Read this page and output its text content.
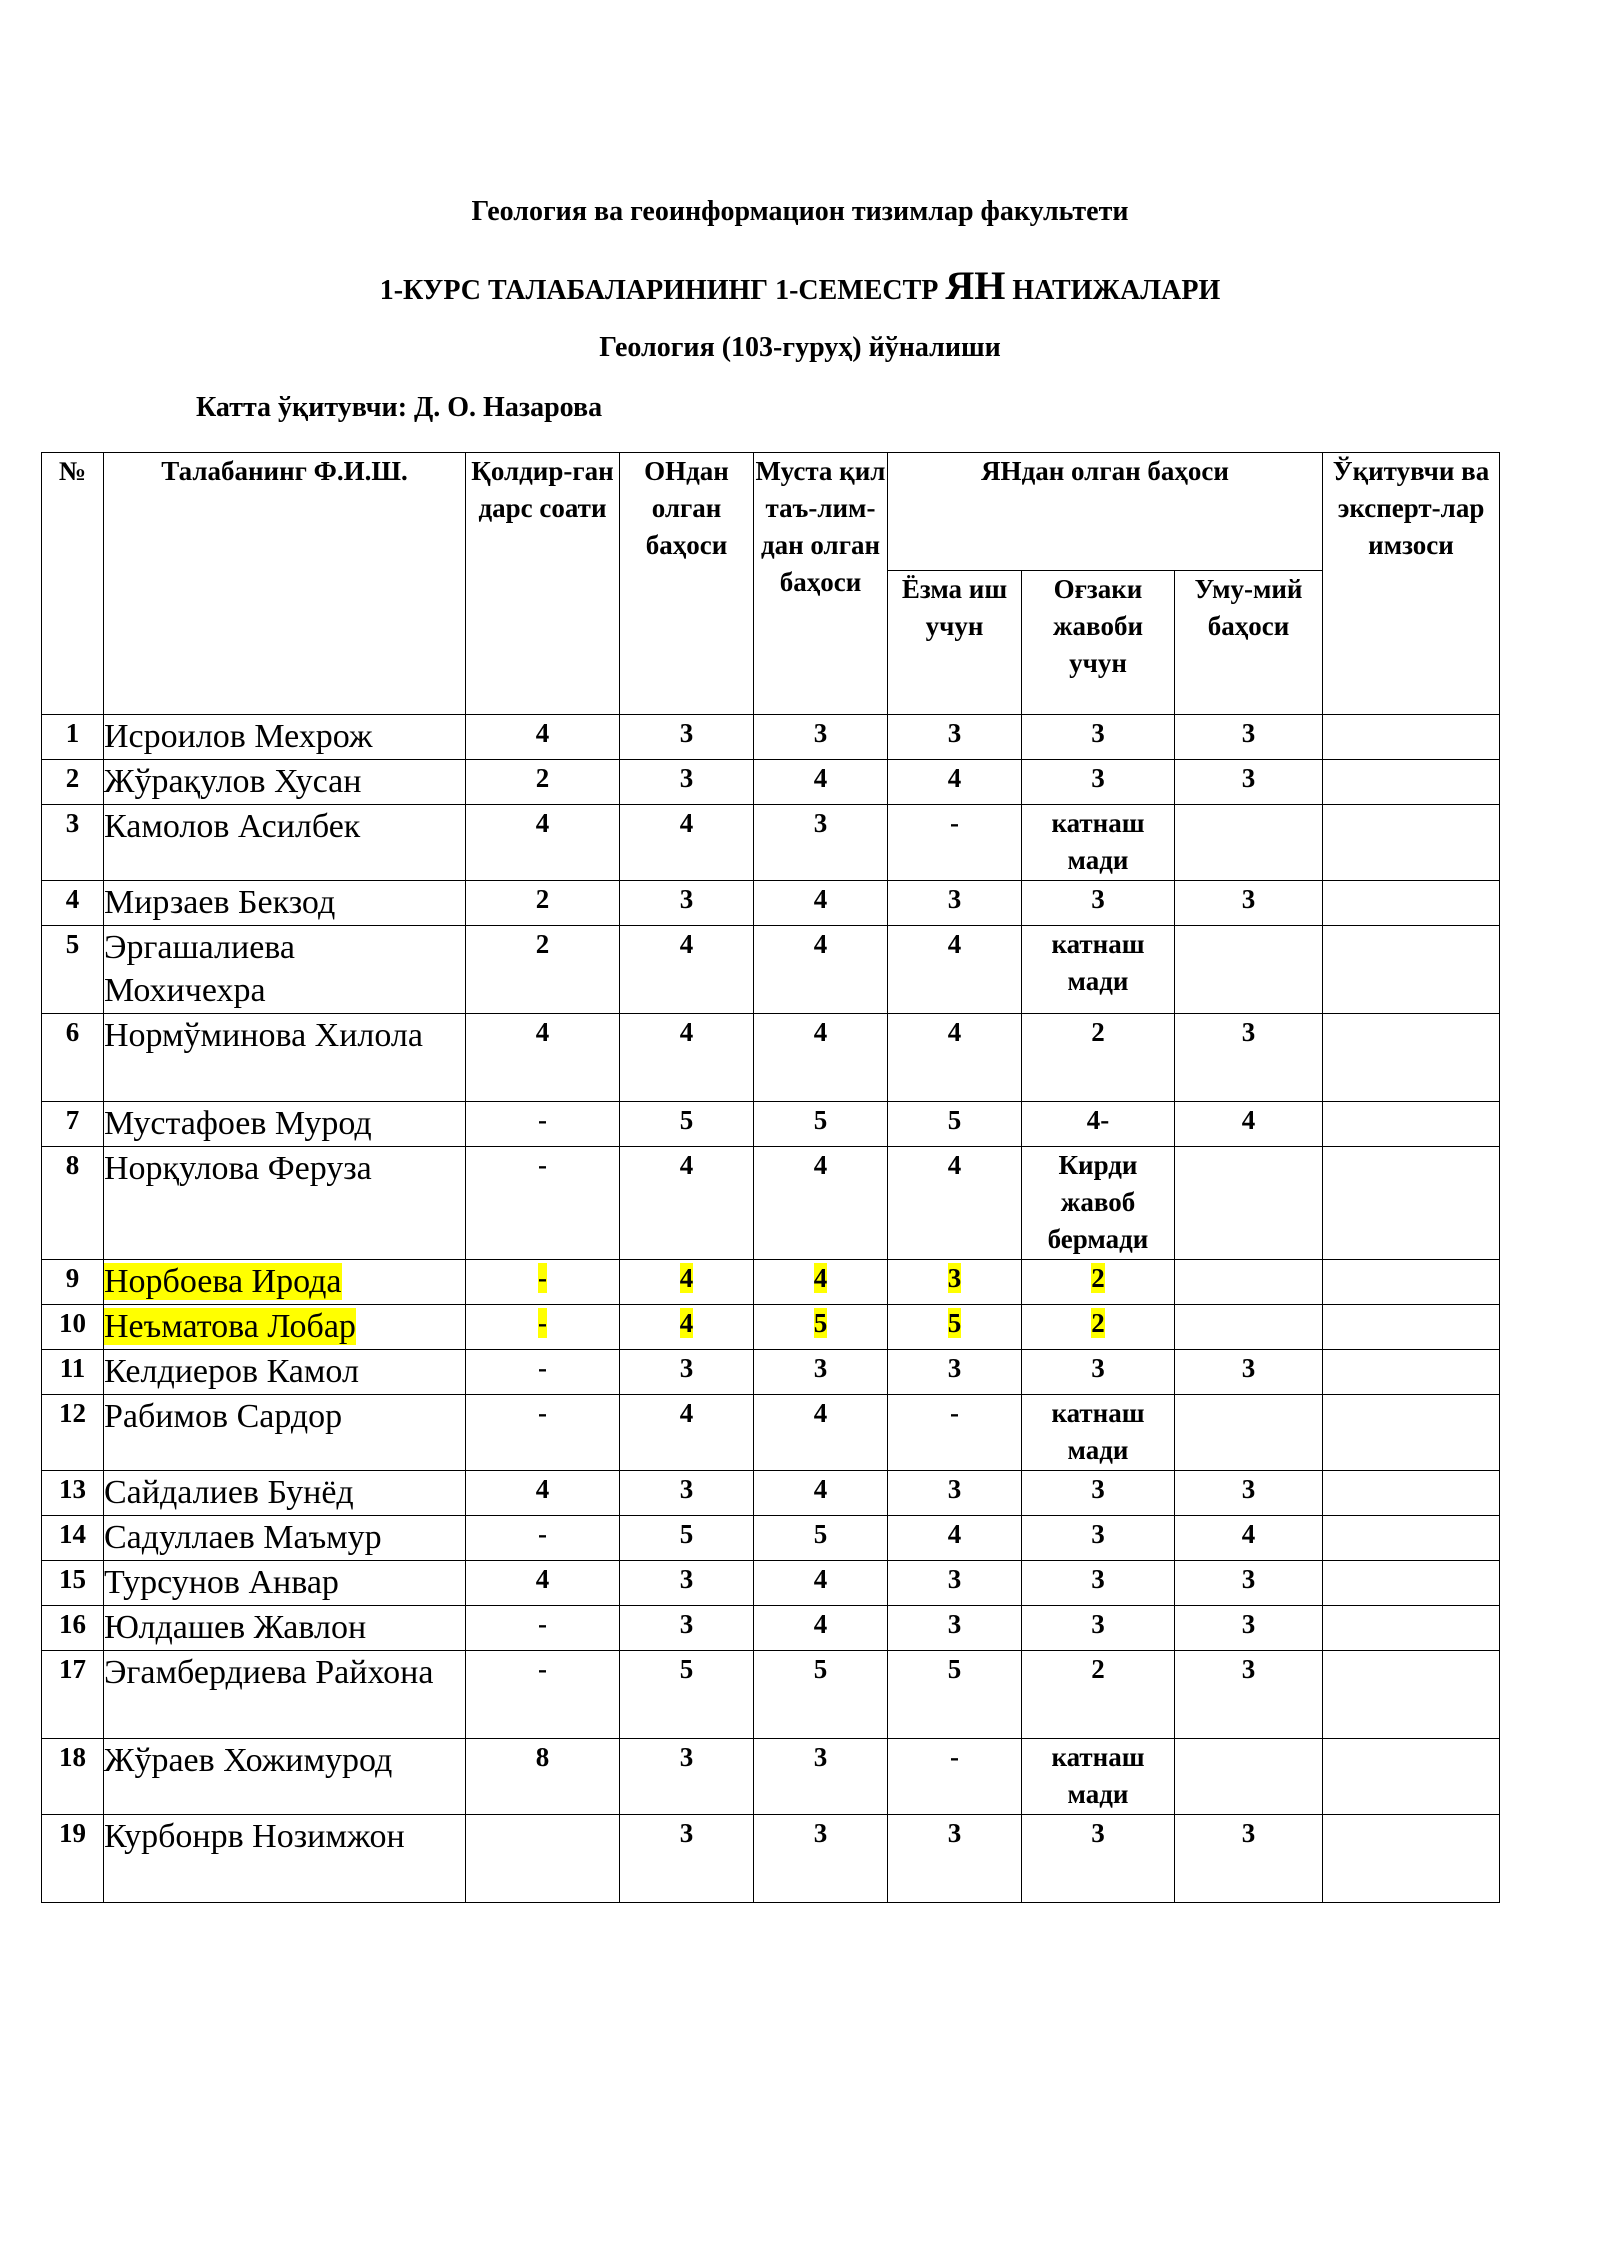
Геология ва геоинформацион тизимлар факультети
1-КУРС ТАЛАБАЛАРИНИНГ 1-СЕМЕСТР ЯН НАТИЖАЛАРИ
Геология (103-гуруҳ) йўналиши
Катта ўқитувчи: Д. О. Назарова
№	Талабанинг Ф.И.Ш.	Қолдир-ган дарс соати	ОНдан олган баҳоси	Муста қил таъ-лим-дан олган баҳоси	ЯНдан олган баҳоси			Ўқитувчи ва эксперт-лар имзоси
					Ёзма иш учун	Оғзаки жавоби учун	Уму-мий баҳоси	
1	Исроилов Мехрож	4	3	3	3	3	3	
2	Жўрақулов Хусан	2	3	4	4	3	3	
3	Камолов Асилбек	4	4	3	-	катнаш мади		
4	Мирзаев Бекзод	2	3	4	3	3	3	
5	Эргашалиева Мохичехра	2	4	4	4	катнаш мади		
6	Нормўминова Хилола	4	4	4	4	2	3	
7	Мустафоев Мурод	-	5	5	5	4-	4	
8	Норқулова Феруза	-	4	4	4	Кирди жавоб бермади		
9	Норбоева Ирода	-	4	4	3	2		
10	Неъматова Лобар	-	4	5	5	2		
11	Келдиеров Камол	-	3	3	3	3	3	
12	Рабимов Сардор	-	4	4	-	катнаш мади		
13	Сайдалиев Бунёд	4	3	4	3	3	3	
14	Садуллаев Маъмур	-	5	5	4	3	4	
15	Турсунов Анвар	4	3	4	3	3	3	
16	Юлдашев Жавлон	-	3	4	3	3	3	
17	Эгамбердиева Райхона	-	5	5	5	2	3	
18	Жўраев Хожимурод	8	3	3	-	катнаш мади		
19	Курбонрв Нозимжон		3	3	3	3	3	
